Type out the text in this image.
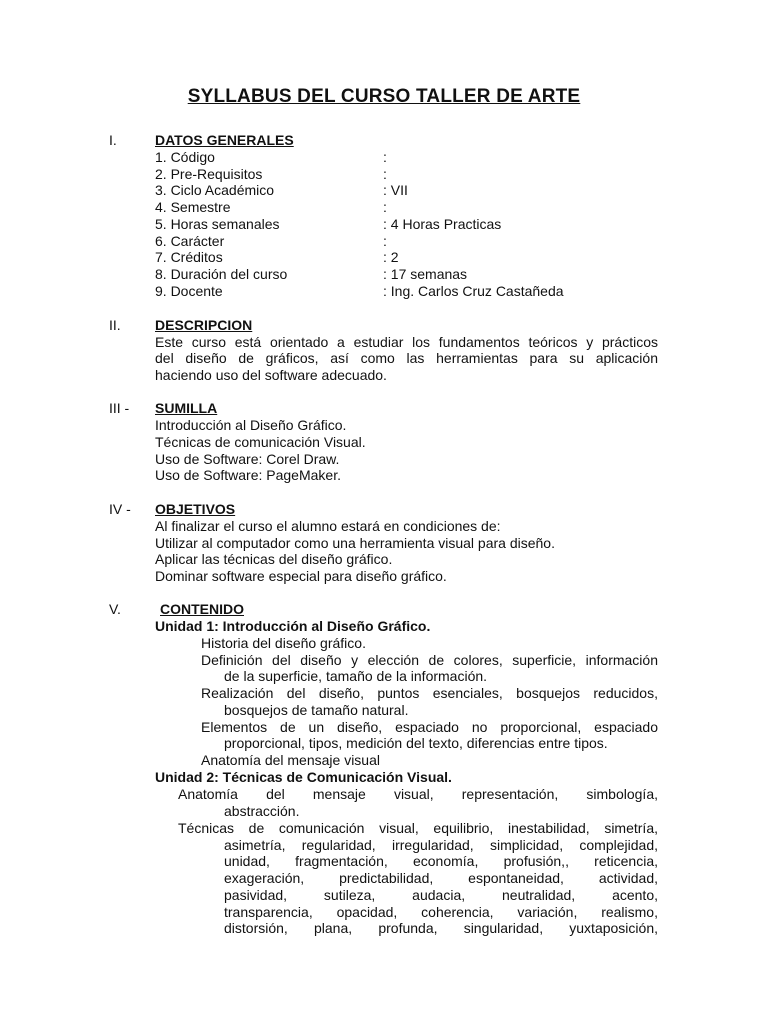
SYLLABUS DEL CURSO TALLER DE ARTE
I.	DATOS GENERALES
1. Código	:
2. Pre-Requisitos	:
3. Ciclo Académico	: VII
4. Semestre	:
5. Horas semanales	: 4 Horas Practicas
6. Carácter	:
7. Créditos	: 2
8. Duración del curso	: 17 semanas
9. Docente	: Ing. Carlos Cruz Castañeda
II. DESCRIPCION
Este curso está orientado a estudiar los fundamentos teóricos y prácticos
del diseño de gráficos, así como las herramientas para su aplicación
haciendo uso del software adecuado.
III - SUMILLA
Introducción al Diseño Gráfico.
Técnicas de comunicación Visual.
Uso de Software: Corel Draw.
Uso de Software: PageMaker.
IV - OBJETIVOS
Al finalizar el curso el alumno estará en condiciones de:
Utilizar al computador como una herramienta visual para diseño.
Aplicar las técnicas del diseño gráfico.
Dominar software especial para diseño gráfico.
V.	CONTENIDO
Unidad 1: Introducción al Diseño Gráfico.
Historia del diseño gráfico.
Definición del diseño y elección de colores, superficie, información
de la superficie, tamaño de la información.
Realización del diseño, puntos esenciales, bosquejos reducidos,
bosquejos de tamaño natural.
Elementos de un diseño, espaciado no proporcional, espaciado
proporcional, tipos, medición del texto, diferencias entre tipos.
Anatomía del mensaje visual
Unidad 2: Técnicas de Comunicación Visual.
Anatomía del mensaje visual, representación, simbología,
abstracción.
Técnicas de comunicación visual, equilibrio, inestabilidad, simetría,
asimetría, regularidad, irregularidad, simplicidad, complejidad,
unidad, fragmentación, economía, profusión,, reticencia,
exageración, predictabilidad, espontaneidad, actividad,
pasividad, sutileza, audacia, neutralidad, acento,
transparencia, opacidad, coherencia, variación, realismo,
distorsión, plana, profunda, singularidad, yuxtaposición,
